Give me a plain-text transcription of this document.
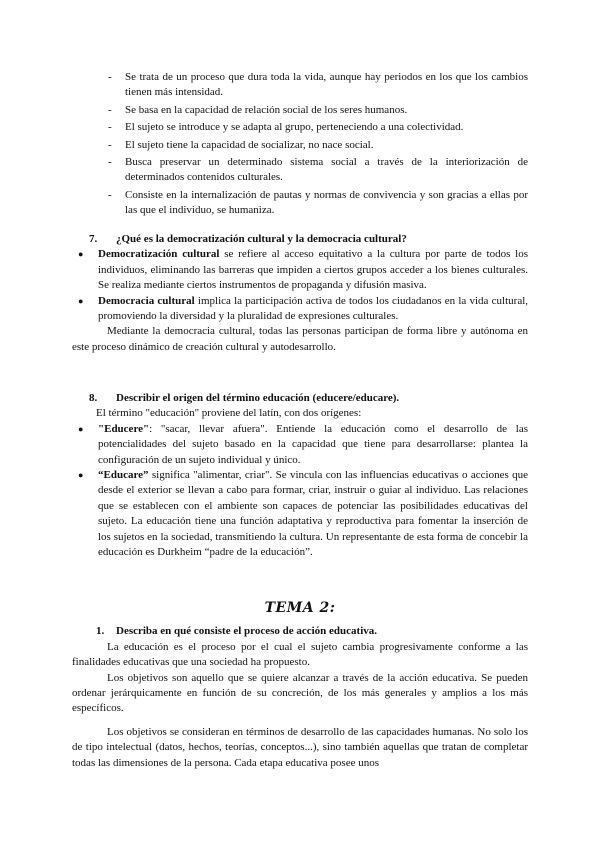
- Se trata de un proceso que dura toda la vida, aunque hay periodos en los que los cambios tienen más intensidad.
- Se basa en la capacidad de relación social de los seres humanos.
- El sujeto se introduce y se adapta al grupo, perteneciendo a una colectividad.
- El sujeto tiene la capacidad de socializar, no nace social.
- Busca preservar un determinado sistema social a través de la interiorización de determinados contenidos culturales.
- Consiste en la internalización de pautas y normas de convivencia y son gracias a ellas por las que el individuo, se humaniza.
7. ¿Qué es la democratización cultural y la democracia cultural?
● Democratización cultural se refiere al acceso equitativo a la cultura por parte de todos los individuos, eliminando las barreras que impiden a ciertos grupos acceder a los bienes culturales. Se realiza mediante ciertos instrumentos de propaganda y difusión masiva.
● Democracia cultural implica la participación activa de todos los ciudadanos en la vida cultural, promoviendo la diversidad y la pluralidad de expresiones culturales.

Mediante la democracia cultural, todas las personas participan de forma libre y autónoma en este proceso dinámico de creación cultural y autodesarrollo.

8. Describir el origen del término educación (educere/educare).

El término "educación" proviene del latín, con dos orígenes:

● "Educere": "sacar, llevar afuera". Entiende la educación como el desarrollo de las potencialidades del sujeto basado en la capacidad que tiene para desarrollarse: plantea la configuración de un sujeto individual y único.
● “Educare” significa "alimentar, criar". Se vincula con las influencias educativas o acciones que desde el exterior se llevan a cabo para formar, criar, instruir o guiar al individuo. Las relaciones que se establecen con el ambiente son capaces de potenciar las posibilidades educativas del sujeto. La educación tiene una función adaptativa y reproductiva para fomentar la inserción de los sujetos en la sociedad, transmitiendo la cultura. Un representante de esta forma de concebir la educación es Durkheim “padre de la educación”.
TEMA 2:
1. Describa en qué consiste el proceso de acción educativa.

La educación es el proceso por el cual el sujeto cambia progresivamente conforme a las finalidades educativas que una sociedad ha propuesto.

Los objetivos son aquello que se quiere alcanzar a través de la acción educativa. Se pueden ordenar jerárquicamente en función de su concreción, de los más generales y amplios a los más específicos.

Los objetivos se consideran en términos de desarrollo de las capacidades humanas. No solo los de tipo intelectual (datos, hechos, teorías, conceptos...), sino también aquellas que tratan de completar todas las dimensiones de la persona. Cada etapa educativa posee unos
